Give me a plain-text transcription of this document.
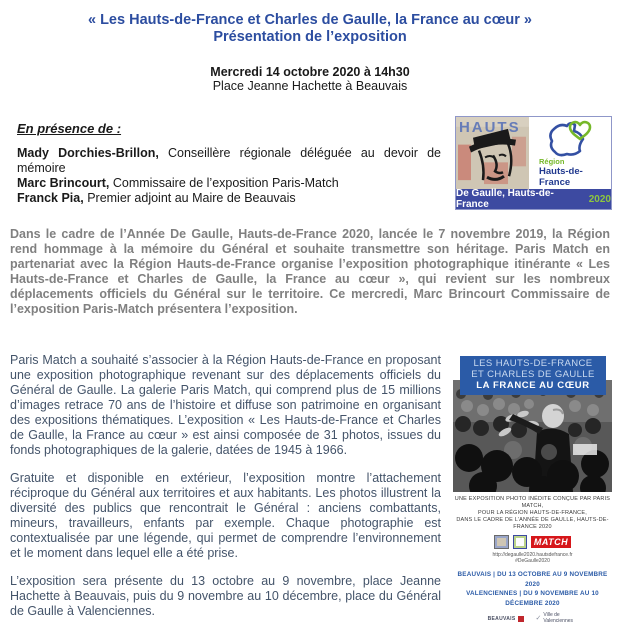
« Les Hauts-de-France et Charles de Gaulle, la France au cœur »
Présentation de l’exposition
Mercredi 14 octobre 2020 à 14h30
Place Jeanne Hachette à Beauvais

En présence de :

Mady Dorchies-Brillon, Conseillère régionale déléguée au devoir de mémoire

Marc Brincourt, Commissaire de l’exposition Paris-Match

Franck Pia, Premier adjoint au Maire de Beauvais

HAUTS
Région
Hauts-de-France
De Gaulle, Hauts-de-France	2020

Dans le cadre de l’Année De Gaulle, Hauts-de-France 2020, lancée le 7 novembre 2019, la Région rend hommage à la mémoire du Général et souhaite transmettre son héritage. Paris Match en partenariat avec la Région Hauts-de-France organise l’exposition photographique itinérante « Les Hauts-de-France et Charles de Gaulle, la France au cœur », qui revient sur les nombreux déplacements officiels du Général sur le territoire. Ce mercredi, Marc Brincourt Commissaire de l’exposition Paris-Match présentera l’exposition.

Paris Match a souhaité s’associer à la Région Hauts-de-France en proposant une exposition photographique revenant sur des déplacements officiels du Général de Gaulle. La galerie Paris Match, qui comprend plus de 15 millions d’images retrace 70 ans de l’histoire et diffuse son patrimoine en organisant des expositions thématiques. L’exposition « Les Hauts-de-France et Charles de Gaulle, la France au cœur » est ainsi composée de 31 photos, issues du fonds photographiques de la galerie, datées de 1945 à 1966.

Gratuite et disponible en extérieur, l’exposition montre l’attachement réciproque du Général aux territoires et aux habitants. Les photos illustrent la diversité des publics que rencontrait le Général : anciens combattants, mineurs, travailleurs, enfants par exemple. Chaque photographie est contextualisée par une légende, qui permet de comprendre l’environnement et le moment dans lequel elle a été prise.

L’exposition sera présente du 13 octobre au 9 novembre, place Jeanne Hachette à Beauvais, puis du 9 novembre au 10 décembre, place du Général de Gaulle à Valenciennes.

LES HAUTS-DE-FRANCE
ET CHARLES DE GAULLE
LA FRANCE AU CŒUR
UNE EXPOSITION PHOTO INÉDITE CONÇUE PAR PARIS MATCH,
POUR LA RÉGION HAUTS-DE-FRANCE,
DANS LE CADRE DE L’ANNÉE DE GAULLE, HAUTS-DE-FRANCE 2020
MATCH
http://degaulle2020.hautsdefrance.fr
#DeGaulle2020
BEAUVAIS | DU 13 OCTOBRE AU 9 NOVEMBRE 2020
VALENCIENNES | DU 9 NOVEMBRE AU 10 DÉCEMBRE 2020
BEAUVAIS	✓ Ville de Valenciennes
